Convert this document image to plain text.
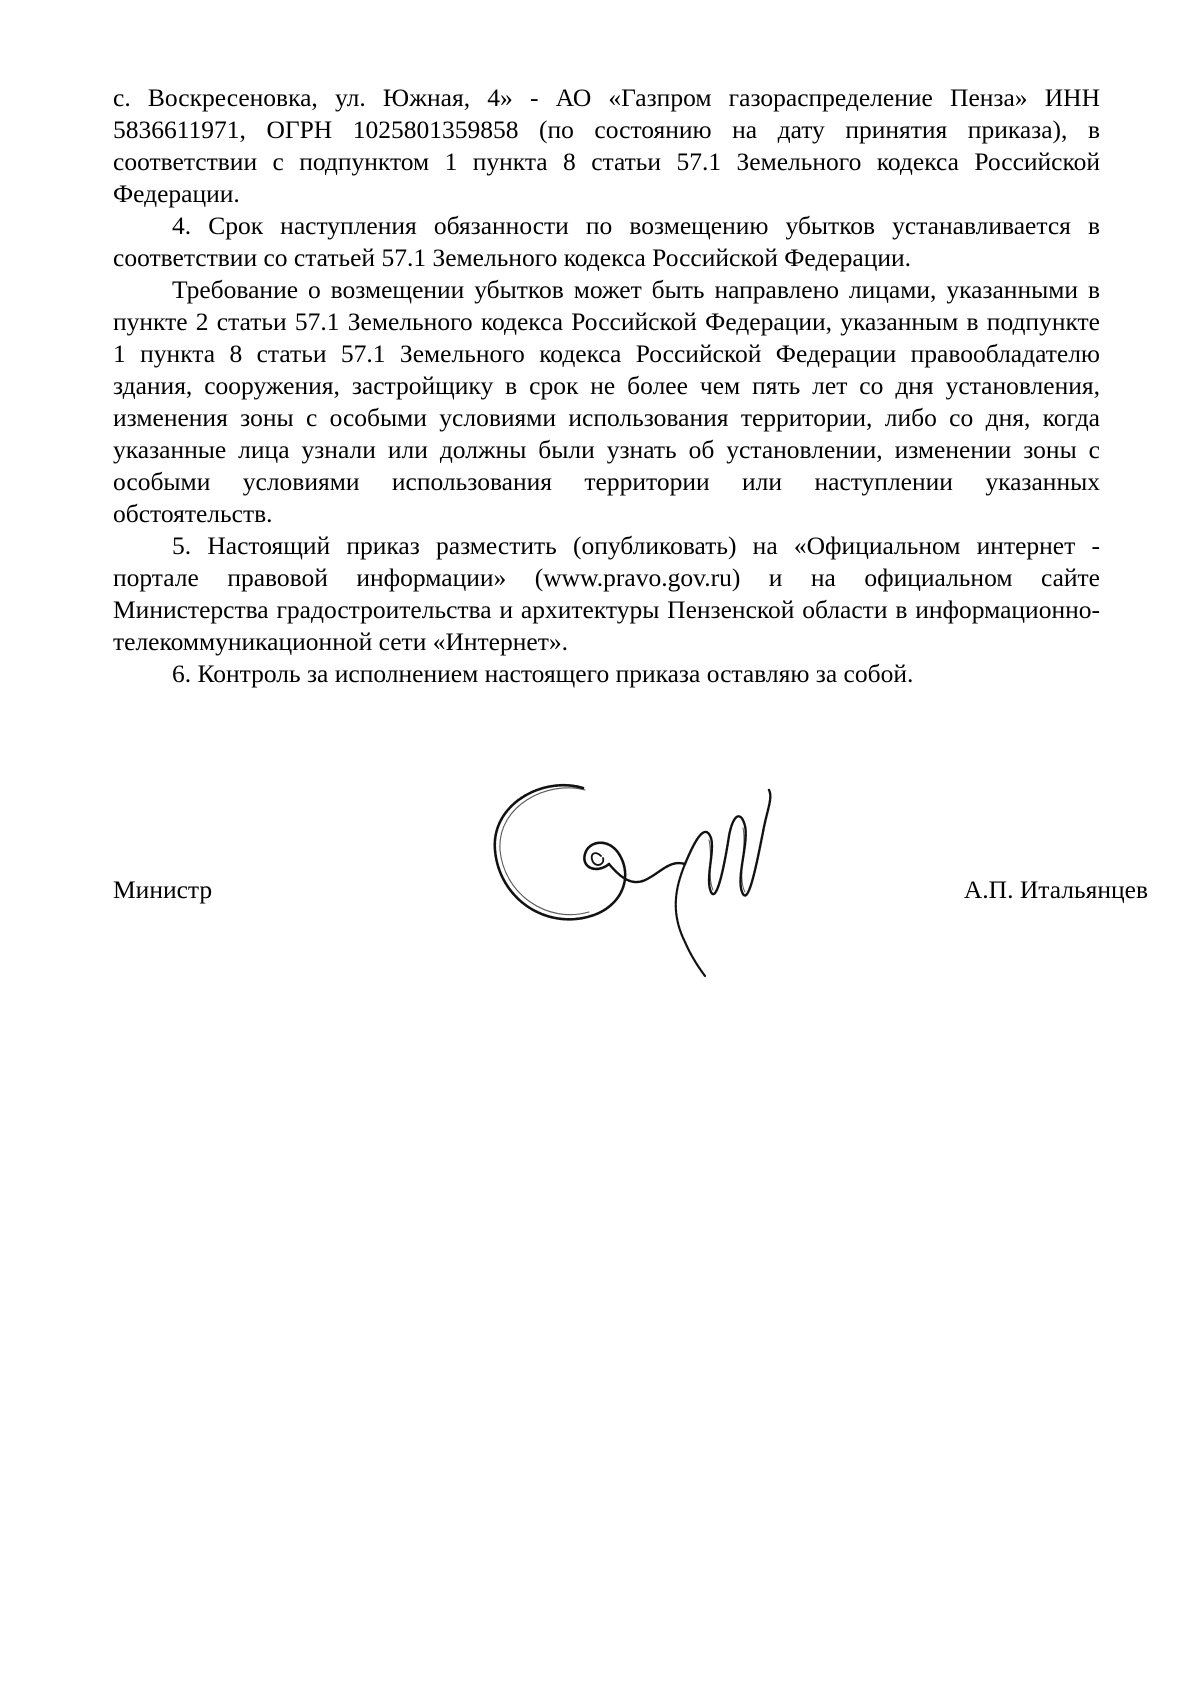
с. Воскресеновка, ул. Южная, 4» - АО «Газпром газораспределение Пенза» ИНН 5836611971, ОГРН 1025801359858 (по состоянию на дату принятия приказа), в соответствии с подпунктом 1 пункта 8 статьи 57.1 Земельного кодекса Российской Федерации.

4. Срок наступления обязанности по возмещению убытков устанавливается в соответствии со статьей 57.1 Земельного кодекса Российской Федерации.

Требование о возмещении убытков может быть направлено лицами, указанными в пункте 2 статьи 57.1 Земельного кодекса Российской Федерации, указанным в подпункте 1 пункта 8 статьи 57.1 Земельного кодекса Российской Федерации правообладателю здания, сооружения, застройщику в срок не более чем пять лет со дня установления, изменения зоны с особыми условиями использования территории, либо со дня, когда указанные лица узнали или должны были узнать об установлении, изменении зоны с особыми условиями использования территории или наступлении указанных обстоятельств.

5. Настоящий приказ разместить (опубликовать) на «Официальном интернет - портале правовой информации» (www.pravo.gov.ru) и на официальном сайте Министерства градостроительства и архитектуры Пензенской области в информационно-телекоммуникационной сети «Интернет».

6. Контроль за исполнением настоящего приказа оставляю за собой.

Министр	А.П. Итальянцев
